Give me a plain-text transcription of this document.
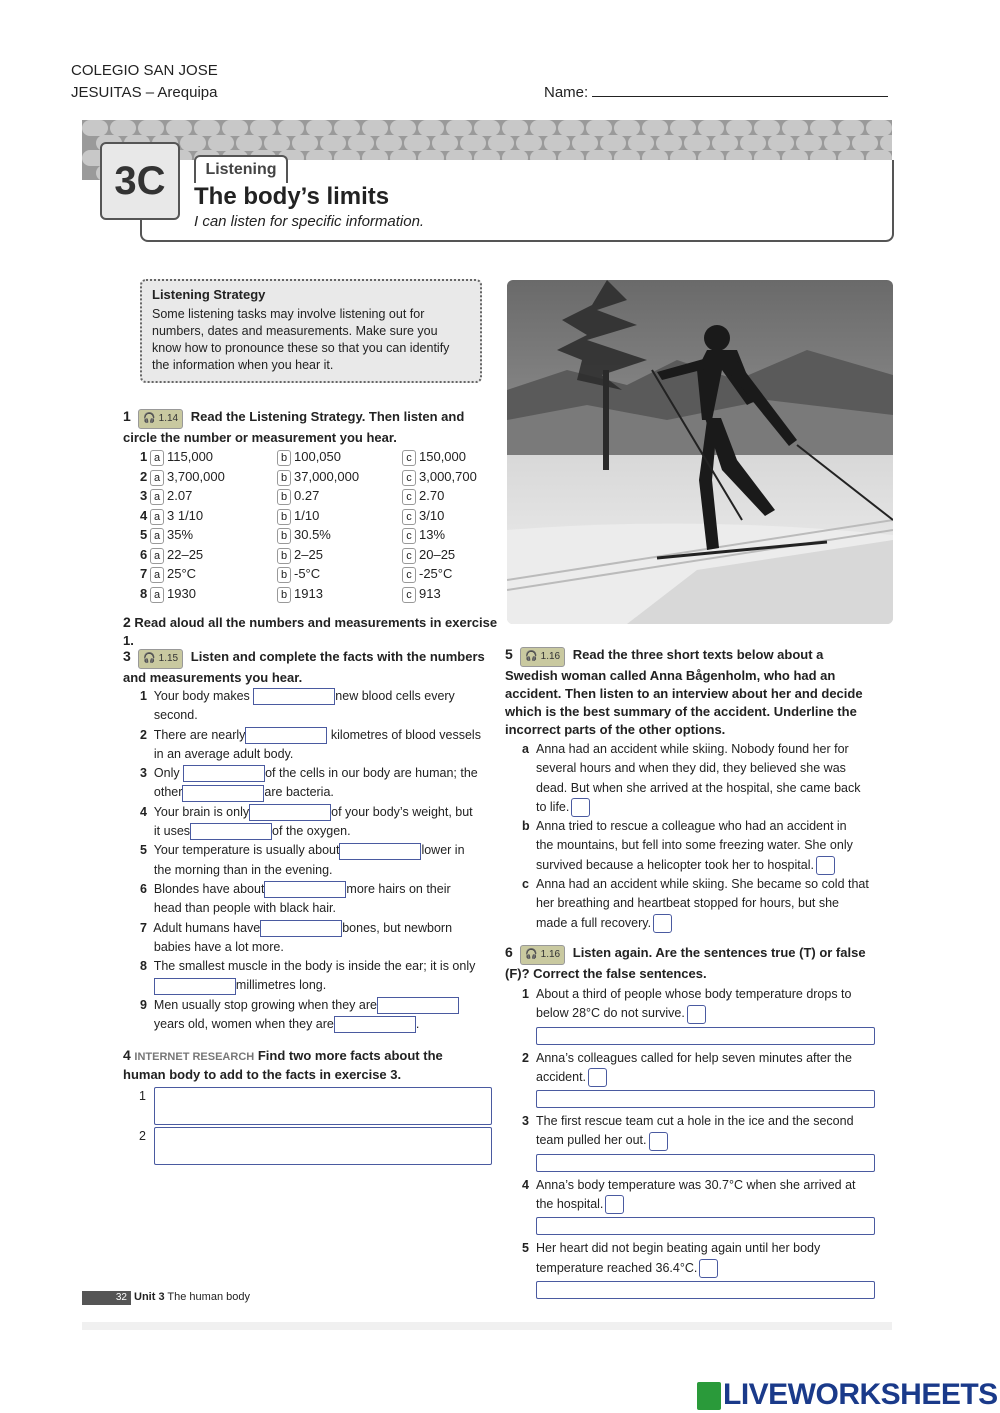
COLEGIO SAN JOSE
JESUITAS – Arequipa	Name:
3C	Listening
The body’s limits
I can listen for specific information.
Listening Strategy

Some listening tasks may involve listening out for numbers, dates and measurements. Make sure you know how to pronounce these so that you can identify the information when you hear it.

1 🎧 1.14 Read the Listening Strategy. Then listen and circle the number or measurement you hear.
1 a 115,000	b 100,050	c 150,000
2 a 3,700,000	b 37,000,000	c 3,000,700
3 a 2.07	b 0.27	c 2.70
4 a 3 1/10	b 1/10	c 3/10
5 a 35%	b 30.5%	c 13%
6 a 22–25	b 2–25	c 20–25
7 a 25°C	b -5°C	c -25°C
8 a 1930	b 1913	c 913
2 Read aloud all the numbers and measurements in exercise 1.
3 🎧 1.15 Listen and complete the facts with the numbers and measurements you hear.
1 Your body makes	new blood cells every
second.
2 There are nearly	kilometres of blood vessels
in an average adult body.
3 Only	of the cells in our body are human; the
other	are bacteria.
4 Your brain is only	of your body’s weight, but
it uses	of the oxygen.
5 Your temperature is usually about	lower in
the morning than in the evening.
6 Blondes have about	more hairs on their
head than people with black hair.
7 Adult humans have	bones, but newborn
babies have a lot more.
8 The smallest muscle in the body is inside the ear; it is only
millimetres long.
9 Men usually stop growing when they are
years old, women when they are	.
4 INTERNET RESEARCH Find two more facts about the human body to add to the facts in exercise 3.
1
2
5 🎧 1.16 Read the three short texts below about a Swedish woman called Anna Bågenholm, who had an accident. Then listen to an interview about her and decide which is the best summary of the accident. Underline the incorrect parts of the other options.
a Anna had an accident while skiing. Nobody found her for
several hours and when they did, they believed she was
dead. But when she arrived at the hospital, she came back
to life.
b Anna tried to rescue a colleague who had an accident in
the mountains, but fell into some freezing water. She only
survived because a helicopter took her to hospital.
c Anna had an accident while skiing. She became so cold that
her breathing and heartbeat stopped for hours, but she
made a full recovery.
6 🎧 1.16 Listen again. Are the sentences true (T) or false (F)? Correct the false sentences.
1 About a third of people whose body temperature drops to
below 28°C do not survive.
2 Anna’s colleagues called for help seven minutes after the
accident.
3 The first rescue team cut a hole in the ice and the second
team pulled her out.
4 Anna’s body temperature was 30.7°C when she arrived at
the hospital.
5 Her heart did not begin beating again until her body
temperature reached 36.4°C.
32 Unit 3 The human body
LIVEWORKSHEETS
